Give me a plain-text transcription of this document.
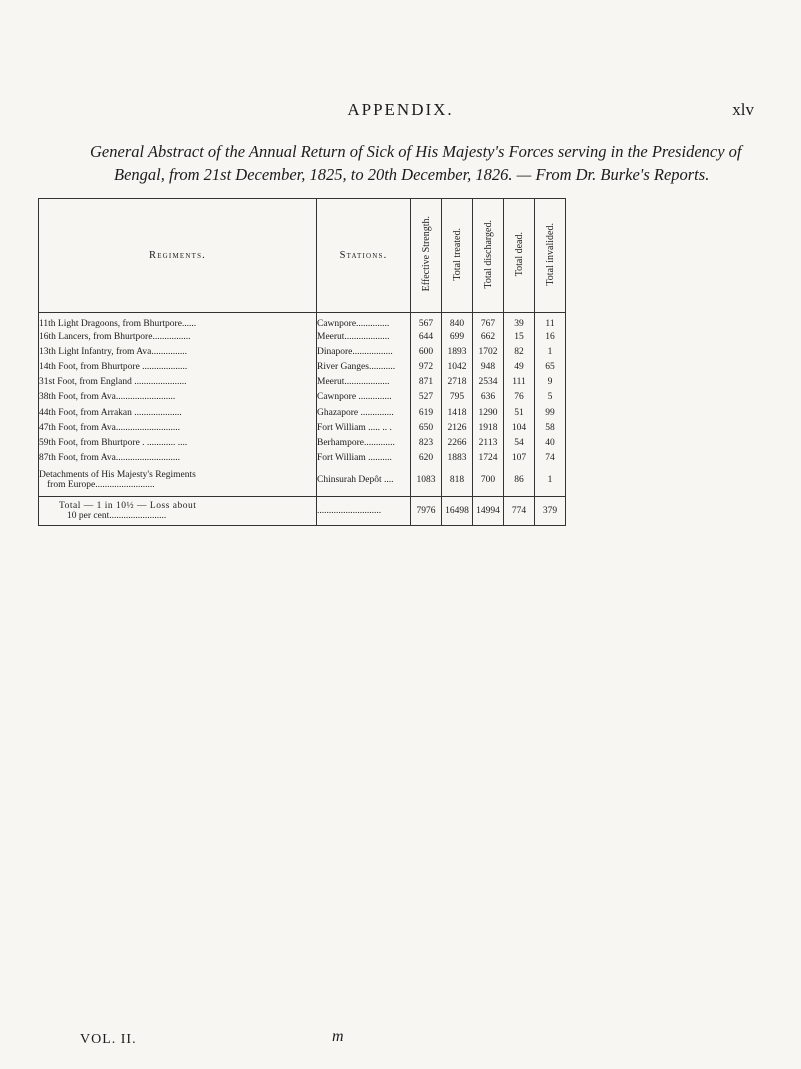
APPENDIX.	xlv
General Abstract of the Annual Return of Sick of His Majesty's Forces serving in the Presidency of Bengal, from 21st December, 1825, to 20th December, 1826. — From Dr. Burke's Reports.
Regiments.	Stations.	Effective Strength.	Total treated.	Total discharged.	Total dead.	Total invalided.
11th Light Dragoons, from Bhurtpore......	Cawnpore..............	567	840	767	39	11
16th Lancers, from Bhurtpore................	Meerut...................	644	699	662	15	16
13th Light Infantry, from Ava...............	Dinapore.................	600	1893	1702	82	1
14th Foot, from Bhurtpore ...................	River Ganges...........	972	1042	948	49	65
31st Foot, from England ......................	Meerut...................	871	2718	2534	111	9
38th Foot, from Ava.........................	Cawnpore ..............	527	795	636	76	5
44th Foot, from Arrakan ....................	Ghazapore ..............	619	1418	1290	51	99
47th Foot, from Ava...........................	Fort William ..... .. .	650	2126	1918	104	58
59th Foot, from Bhurtpore . ............ ....	Berhampore.............	823	2266	2113	54	40
87th Foot, from Ava...........................	Fort William ..........	620	1883	1724	107	74

Detachments of His Majesty's Regiments
from Europe.........................	Chinsurah Depôt ....	1083	818	700	86	1

Total — 1 in 10½ — Loss about
10 per cent........................	...........................	7976	16498	14994	774	379
VOL. II.	m
